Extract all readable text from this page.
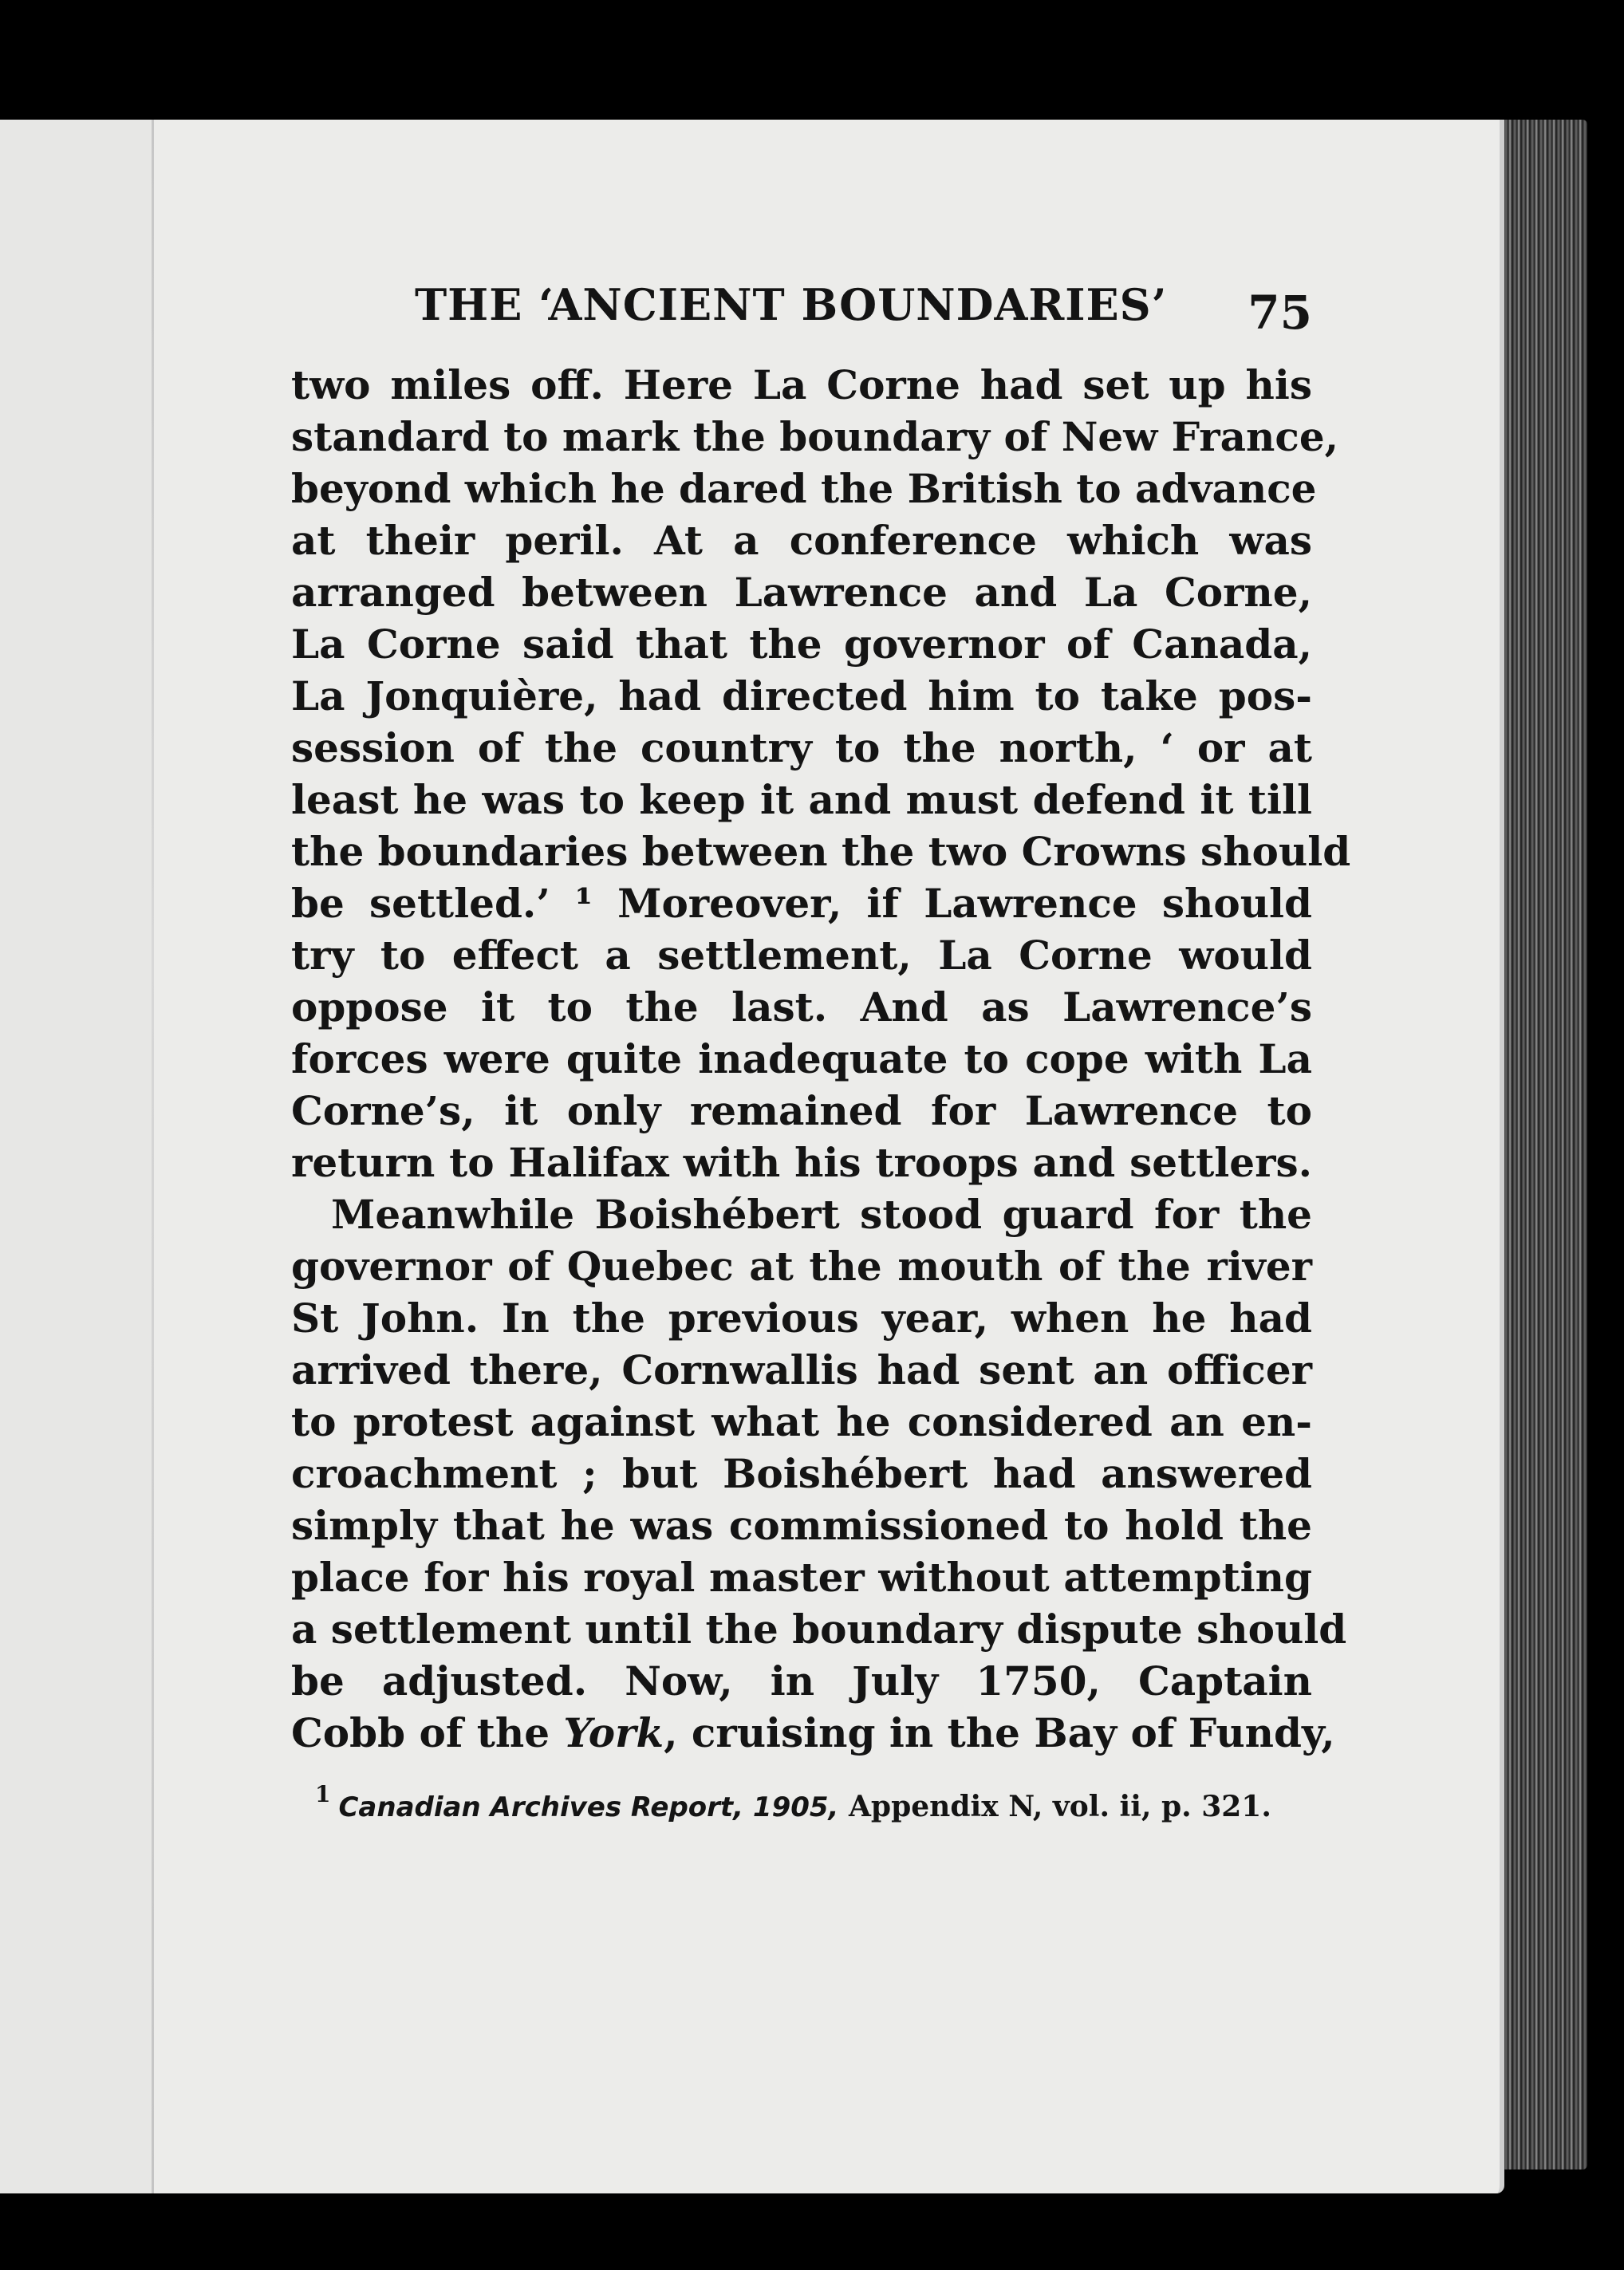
THE ‘ANCIENT BOUNDARIES’ 75
two miles off. Here La Corne had set up his
standard to mark the boundary of New France,
beyond which he dared the British to advance
at their peril. At a conference which was
arranged between Lawrence and La Corne,
La Corne said that the governor of Canada,
La Jonquière, had directed him to take pos-
session of the country to the north, ‘ or at
least he was to keep it and must defend it till
the boundaries between the two Crowns should
be settled.’ ¹ Moreover, if Lawrence should
try to effect a settlement, La Corne would
oppose it to the last. And as Lawrence’s
forces were quite inadequate to cope with La
Corne’s, it only remained for Lawrence to
return to Halifax with his troops and settlers.
Meanwhile Boishébert stood guard for the
governor of Quebec at the mouth of the river
St John. In the previous year, when he had
arrived there, Cornwallis had sent an officer
to protest against what he considered an en-
croachment ; but Boishébert had answered
simply that he was commissioned to hold the
place for his royal master without attempting
a settlement until the boundary dispute should
be adjusted. Now, in July 1750, Captain
Cobb of the York, cruising in the Bay of Fundy,
$^1$ Canadian Archives Report, 1905, Appendix N, vol. ii, p. 321.
